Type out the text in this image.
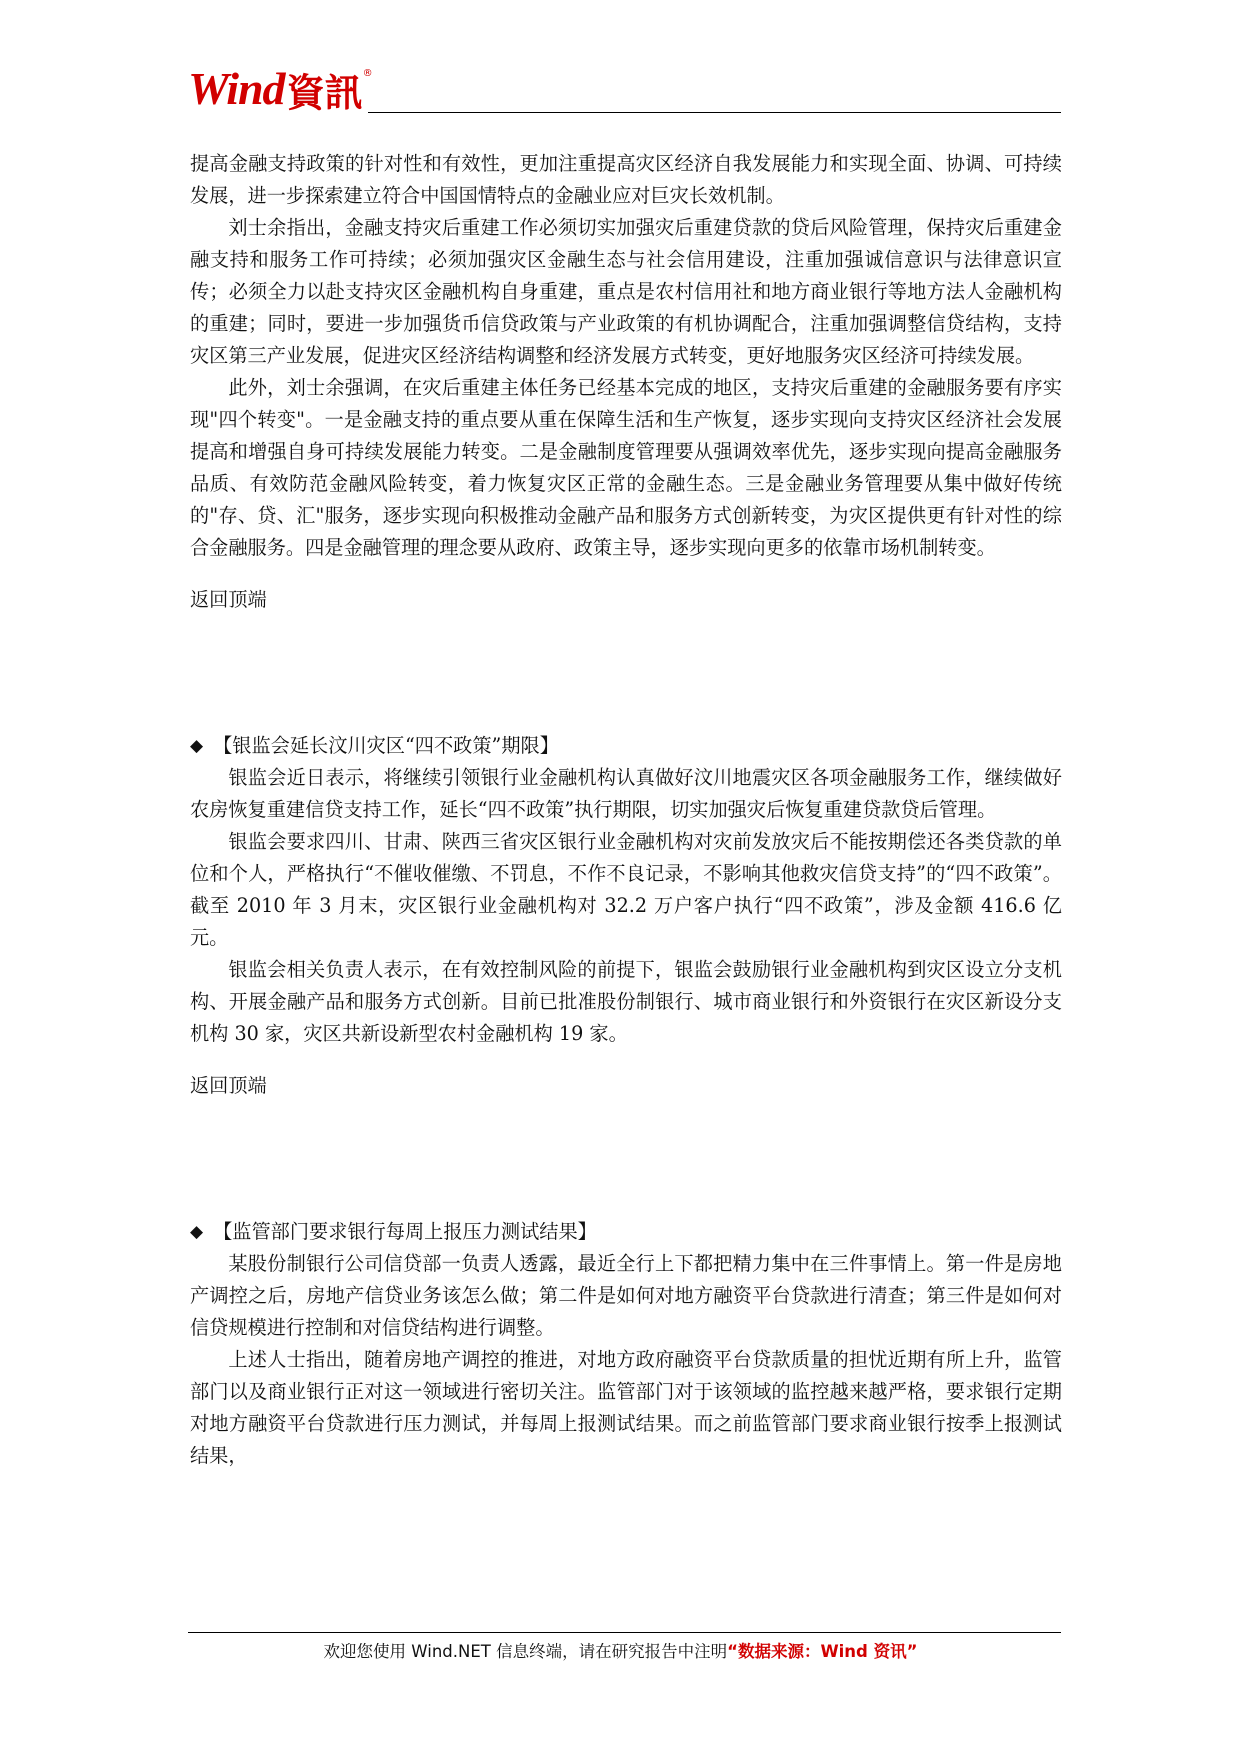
Wind 資訊 ®

提高金融支持政策的针对性和有效性，更加注重提高灾区经济自我发展能力和实现全面、协调、可持续发展，进一步探索建立符合中国国情特点的金融业应对巨灾长效机制。

刘士余指出，金融支持灾后重建工作必须切实加强灾后重建贷款的贷后风险管理，保持灾后重建金融支持和服务工作可持续；必须加强灾区金融生态与社会信用建设，注重加强诚信意识与法律意识宣传；必须全力以赴支持灾区金融机构自身重建，重点是农村信用社和地方商业银行等地方法人金融机构的重建；同时，要进一步加强货币信贷政策与产业政策的有机协调配合，注重加强调整信贷结构，支持灾区第三产业发展，促进灾区经济结构调整和经济发展方式转变，更好地服务灾区经济可持续发展。

此外，刘士余强调，在灾后重建主体任务已经基本完成的地区，支持灾后重建的金融服务要有序实现"四个转变"。一是金融支持的重点要从重在保障生活和生产恢复，逐步实现向支持灾区经济社会发展提高和增强自身可持续发展能力转变。二是金融制度管理要从强调效率优先，逐步实现向提高金融服务品质、有效防范金融风险转变，着力恢复灾区正常的金融生态。三是金融业务管理要从集中做好传统的"存、贷、汇"服务，逐步实现向积极推动金融产品和服务方式创新转变，为灾区提供更有针对性的综合金融服务。四是金融管理的理念要从政府、政策主导，逐步实现向更多的依靠市场机制转变。

返回顶端
◆ 【银监会延长汶川灾区“四不政策”期限】

银监会近日表示，将继续引领银行业金融机构认真做好汶川地震灾区各项金融服务工作，继续做好农房恢复重建信贷支持工作，延长“四不政策”执行期限，切实加强灾后恢复重建贷款贷后管理。

银监会要求四川、甘肃、陕西三省灾区银行业金融机构对灾前发放灾后不能按期偿还各类贷款的单位和个人，严格执行“不催收催缴、不罚息，不作不良记录，不影响其他救灾信贷支持”的“四不政策”。截至 2010 年 3 月末，灾区银行业金融机构对 32.2 万户客户执行“四不政策”，涉及金额 416.6 亿元。

银监会相关负责人表示，在有效控制风险的前提下，银监会鼓励银行业金融机构到灾区设立分支机构、开展金融产品和服务方式创新。目前已批准股份制银行、城市商业银行和外资银行在灾区新设分支机构 30 家，灾区共新设新型农村金融机构 19 家。

返回顶端
◆ 【监管部门要求银行每周上报压力测试结果】

某股份制银行公司信贷部一负责人透露，最近全行上下都把精力集中在三件事情上。第一件是房地产调控之后，房地产信贷业务该怎么做；第二件是如何对地方融资平台贷款进行清查；第三件是如何对信贷规模进行控制和对信贷结构进行调整。

上述人士指出，随着房地产调控的推进，对地方政府融资平台贷款质量的担忧近期有所上升，监管部门以及商业银行正对这一领域进行密切关注。监管部门对于该领域的监控越来越严格，要求银行定期对地方融资平台贷款进行压力测试，并每周上报测试结果。而之前监管部门要求商业银行按季上报测试结果，

欢迎您使用 Wind.NET 信息终端，请在研究报告中注明“数据来源：Wind 资讯”
